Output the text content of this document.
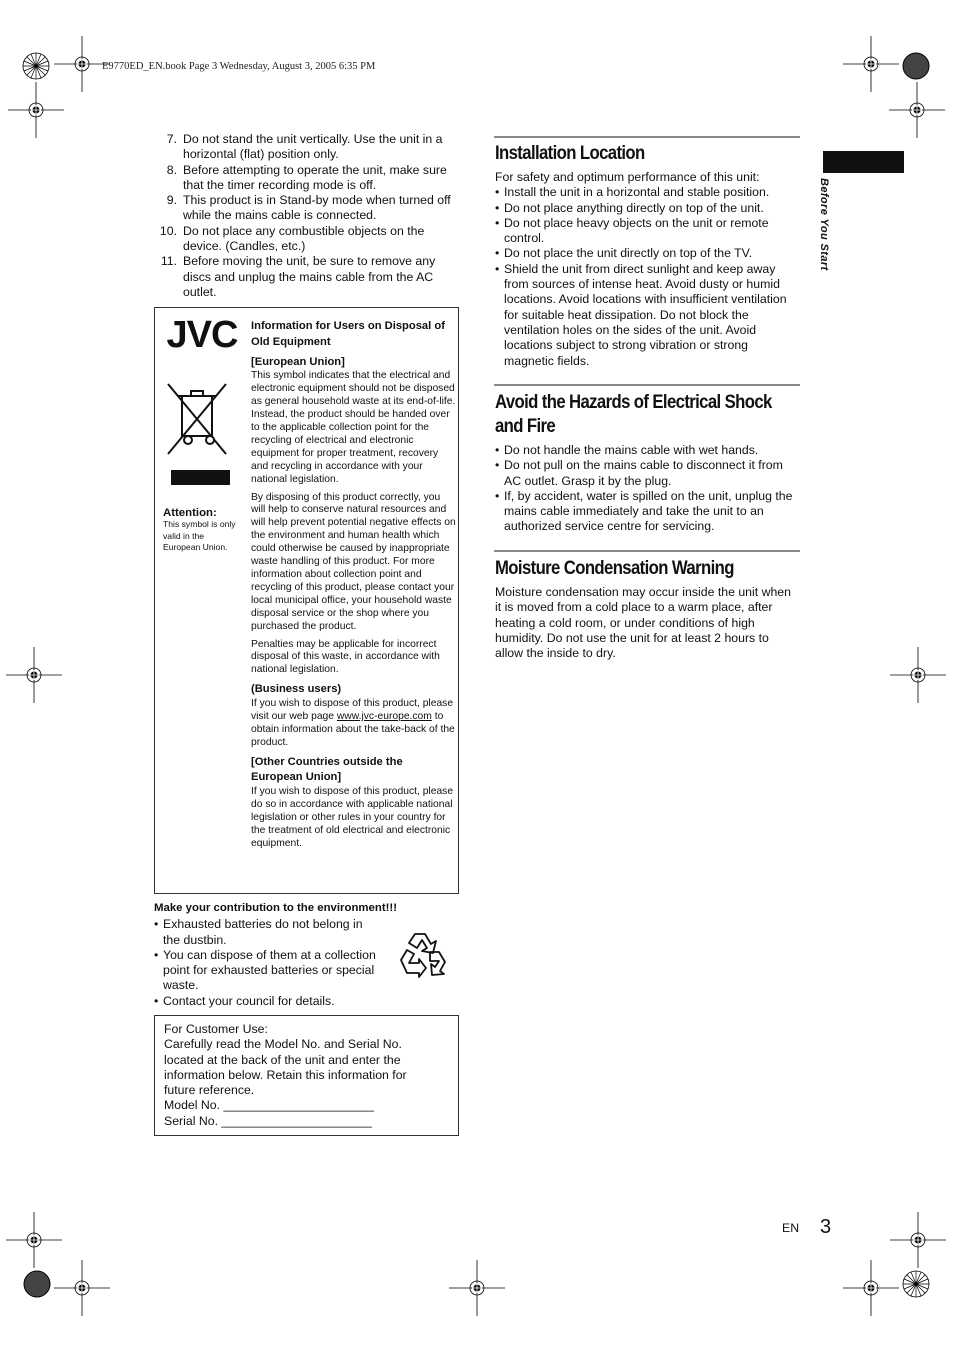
E9770ED_EN.book Page 3 Wednesday, August 3, 2005 6:35 PM
7. Do not stand the unit vertically. Use the unit in a horizontal (flat) position only.
8. Before attempting to operate the unit, make sure that the timer recording mode is off.
9. This product is in Stand-by mode when turned off while the mains cable is connected.
10. Do not place any combustible objects on the device. (Candles, etc.)
11. Before moving the unit, be sure to remove any discs and unplug the mains cable from the AC outlet.
JVC
Attention:
This symbol is only valid in the European Union.
Information for Users on Disposal of Old Equipment
[European Union]

This symbol indicates that the electrical and electronic equipment should not be disposed as general household waste at its end-of-life. Instead, the product should be handed over to the applicable collection point for the recycling of electrical and electronic equipment for proper treatment, recovery and recycling in accordance with your national legislation.

By disposing of this product correctly, you will help to conserve natural resources and will help prevent potential negative effects on the environment and human health which could otherwise be caused by inappropriate waste handling of this product. For more information about collection point and recycling of this product, please contact your local municipal office, your household waste disposal service or the shop where you purchased the product.

Penalties may be applicable for incorrect disposal of this waste, in accordance with national legislation.

(Business users)

If you wish to dispose of this product, please visit our web page www.jvc-europe.com to obtain information about the take-back of the product.

[Other Countries outside the European Union]

If you wish to dispose of this product, please do so in accordance with applicable national legislation or other rules in your country for the treatment of old electrical and electronic equipment.

Make your contribution to the environment!!!
• Exhausted batteries do not belong in the dustbin.
• You can dispose of them at a collection point for exhausted batteries or special waste.
• Contact your council for details.
For Customer Use:
Carefully read the Model No. and Serial No. located at the back of the unit and enter the information below. Retain this information for future reference.
Model No. ______________________
Serial No. ______________________
Installation Location
For safety and optimum performance of this unit:
• Install the unit in a horizontal and stable position.
• Do not place anything directly on top of the unit.
• Do not place heavy objects on the unit or remote control.
• Do not place the unit directly on top of the TV.
• Shield the unit from direct sunlight and keep away from sources of intense heat. Avoid dusty or humid locations. Avoid locations with insufficient ventilation for suitable heat dissipation. Do not block the ventilation holes on the sides of the unit. Avoid locations subject to strong vibration or strong magnetic fields.
Avoid the Hazards of Electrical Shock and Fire
• Do not handle the mains cable with wet hands.
• Do not pull on the mains cable to disconnect it from AC outlet. Grasp it by the plug.
• If, by accident, water is spilled on the unit, unplug the mains cable immediately and take the unit to an authorized service centre for servicing.
Moisture Condensation Warning
Moisture condensation may occur inside the unit when it is moved from a cold place to a warm place, after heating a cold room, or under conditions of high humidity. Do not use the unit for at least 2 hours to allow the inside to dry.
Before You Start
EN 3
